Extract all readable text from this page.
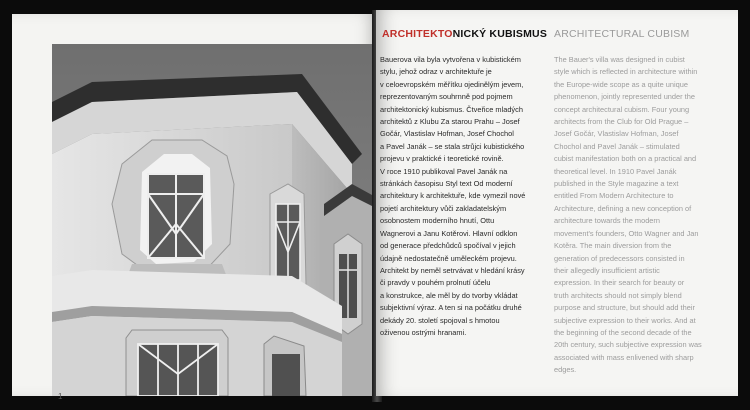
1
ARCHITEKTONICKÝ KUBISMUS
Bauerova vila byla vytvořena v kubistickém
stylu, jehož odraz v architektuře je
v celoevropském měřítku ojedinělým jevem,
reprezentovaným souhrnně pod pojmem
architektonický kubismus. Čtveřice mladých
architektů z Klubu Za starou Prahu – Josef
Gočár, Vlastislav Hofman, Josef Chochol
a Pavel Janák – se stala strůjci kubistického
projevu v praktické i teoretické rovině.
V roce 1910 publikoval Pavel Janák na
stránkách časopisu Styl text Od moderní
architektury k architektuře, kde vymezil nové
pojetí architektury vůči zakladatelským
osobnostem moderního hnutí, Ottu
Wagnerovi a Janu Kotěrovi. Hlavní odklon
od generace předchůdců spočíval v jejich
údajně nedostatečně uměleckém projevu.
Architekt by neměl setrvávat v hledání krásy
či pravdy v pouhém prolnutí účelu
a konstrukce, ale měl by do tvorby vkládat
subjektivní výraz. A ten si na počátku druhé
dekády 20. století spojoval s hmotou
oživenou ostrými hranami.
ARCHITECTURAL CUBISM
The Bauer's villa was designed in cubist
style which is reflected in architecture within
the Europe-wide scope as a quite unique
phenomenon, jointly represented under the
concept architectural cubism. Four young
architects from the Club for Old Prague –
Josef Gočár, Vlastislav Hofman, Josef
Chochol and Pavel Janák – stimulated
cubist manifestation both on a practical and
theoretical level. In 1910 Pavel Janák
published in the Style magazine a text
entitled From Modern Architecture to
Architecture, defining a new conception of
architecture towards the modern
movement's founders, Otto Wagner and Jan
Kotěra. The main diversion from the
generation of predecessors consisted in
their allegedly insufficient artistic
expression. In their search for beauty or
truth architects should not simply blend
purpose and structure, but should add their
subjective expression to their works. And at
the beginning of the second decade of the
20th century, such subjective expression was
associated with mass enlivened with sharp
edges.
